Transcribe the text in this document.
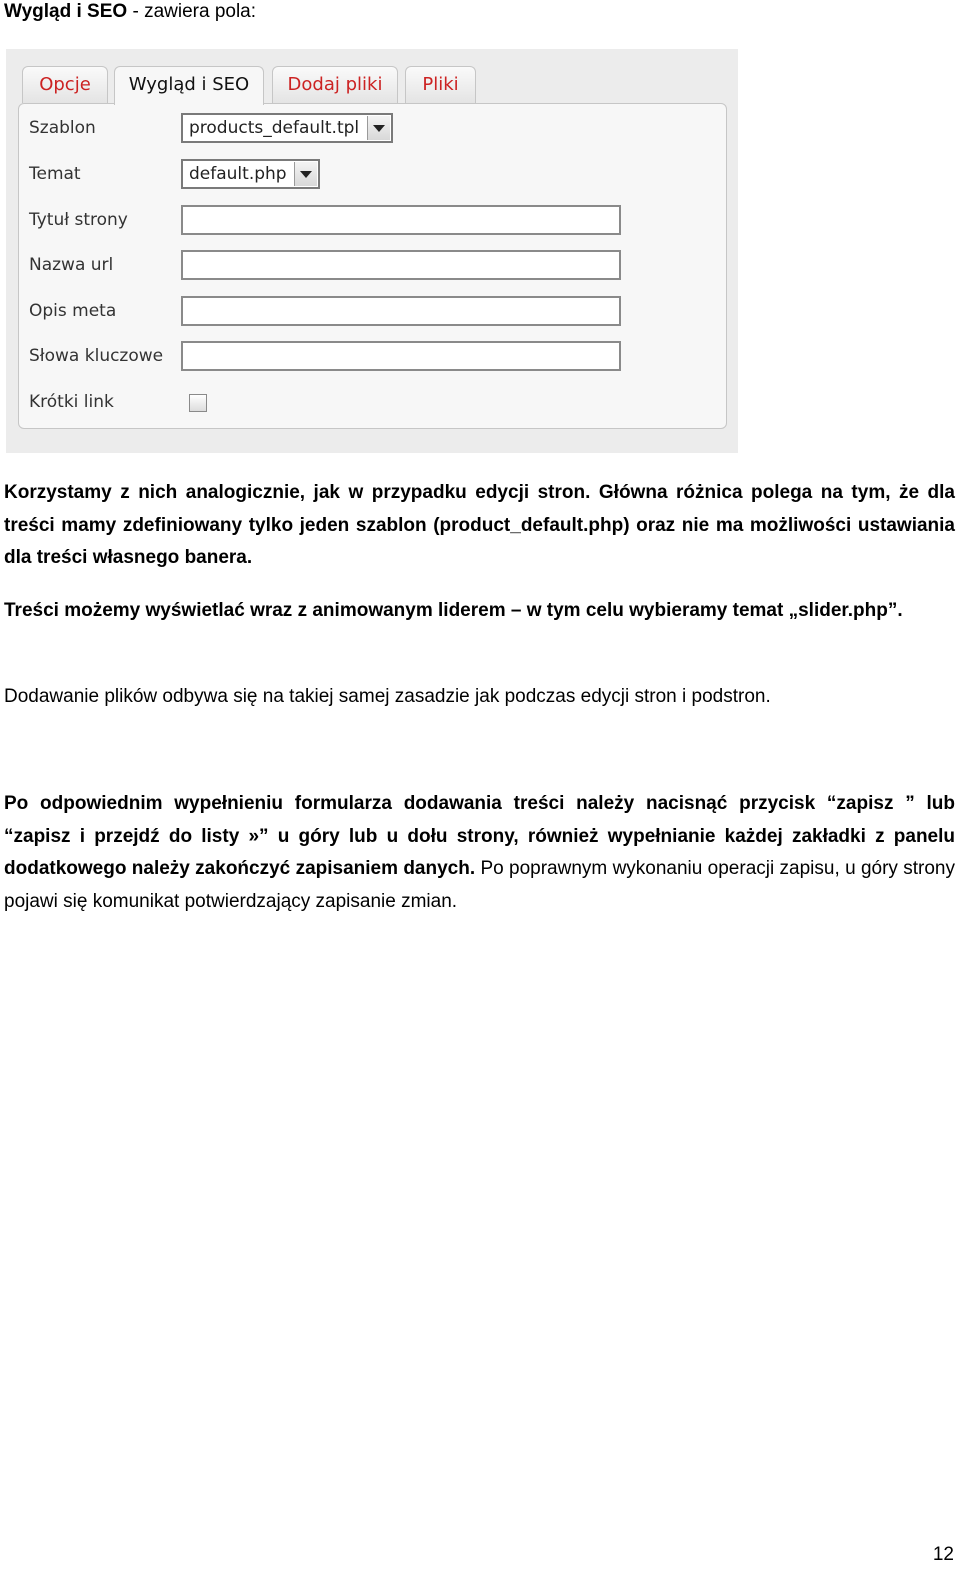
Wygląd i SEO - zawiera pola:
Opcje	Wygląd i SEO	Dodaj pliki	Pliki
Szablon	products_default.tpl
Temat	default.php
Tytuł strony
Nazwa url
Opis meta
Słowa kluczowe
Krótki link

Korzystamy z nich analogicznie, jak w przypadku edycji stron. Główna różnica polega na tym, że dla treści mamy zdefiniowany tylko jeden szablon (product_default.php) oraz nie ma możliwości ustawiania dla treści własnego banera.

Treści możemy wyświetlać wraz z animowanym liderem – w tym celu wybieramy temat „slider.php”.

Dodawanie plików odbywa się na takiej samej zasadzie jak podczas edycji stron i podstron.

Po odpowiednim wypełnieniu formularza dodawania treści należy nacisnąć przycisk “zapisz ” lub “zapisz i przejdź do listy »” u góry lub u dołu strony, również wypełnianie każdej zakładki z panelu dodatkowego należy zakończyć zapisaniem danych. Po poprawnym wykonaniu operacji zapisu, u góry strony pojawi się komunikat potwierdzający zapisanie zmian.

12
